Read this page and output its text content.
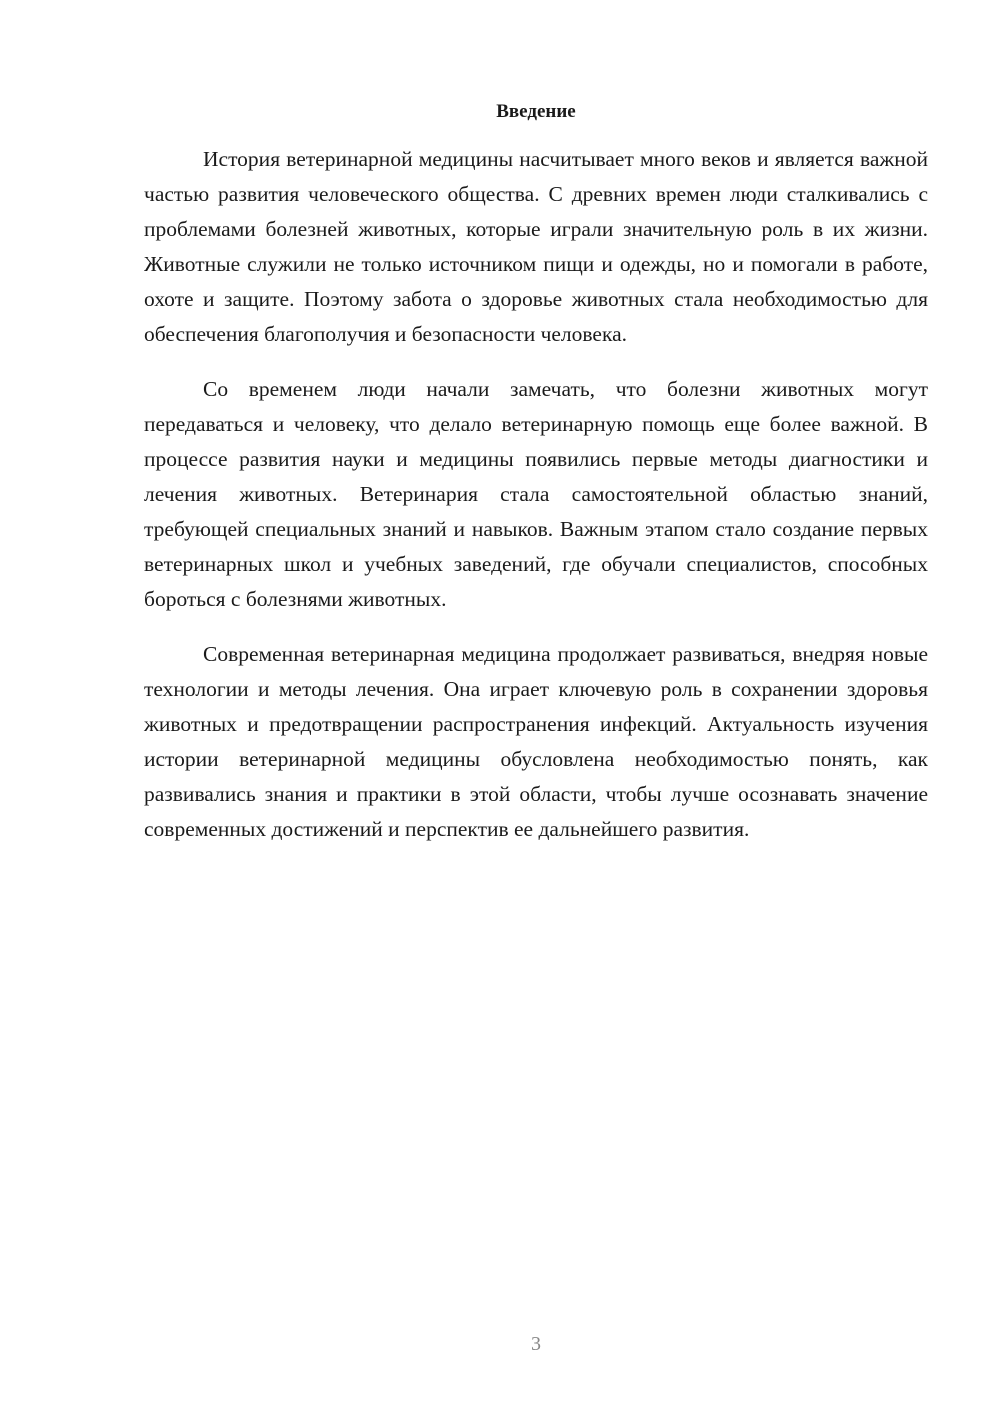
Введение

История ветеринарной медицины насчитывает много веков и является важной частью развития человеческого общества. С древних времен люди сталкивались с проблемами болезней животных, которые играли значительную роль в их жизни. Животные служили не только источником пищи и одежды, но и помогали в работе, охоте и защите. Поэтому забота о здоровье животных стала необходимостью для обеспечения благополучия и безопасности человека.

Со временем люди начали замечать, что болезни животных могут передаваться и человеку, что делало ветеринарную помощь еще более важной. В процессе развития науки и медицины появились первые методы диагностики и лечения животных. Ветеринария стала самостоятельной областью знаний, требующей специальных знаний и навыков. Важным этапом стало создание первых ветеринарных школ и учебных заведений, где обучали специалистов, способных бороться с болезнями животных.

Современная ветеринарная медицина продолжает развиваться, внедряя новые технологии и методы лечения. Она играет ключевую роль в сохранении здоровья животных и предотвращении распространения инфекций. Актуальность изучения истории ветеринарной медицины обусловлена необходимостью понять, как развивались знания и практики в этой области, чтобы лучше осознавать значение современных достижений и перспектив ее дальнейшего развития.

3
